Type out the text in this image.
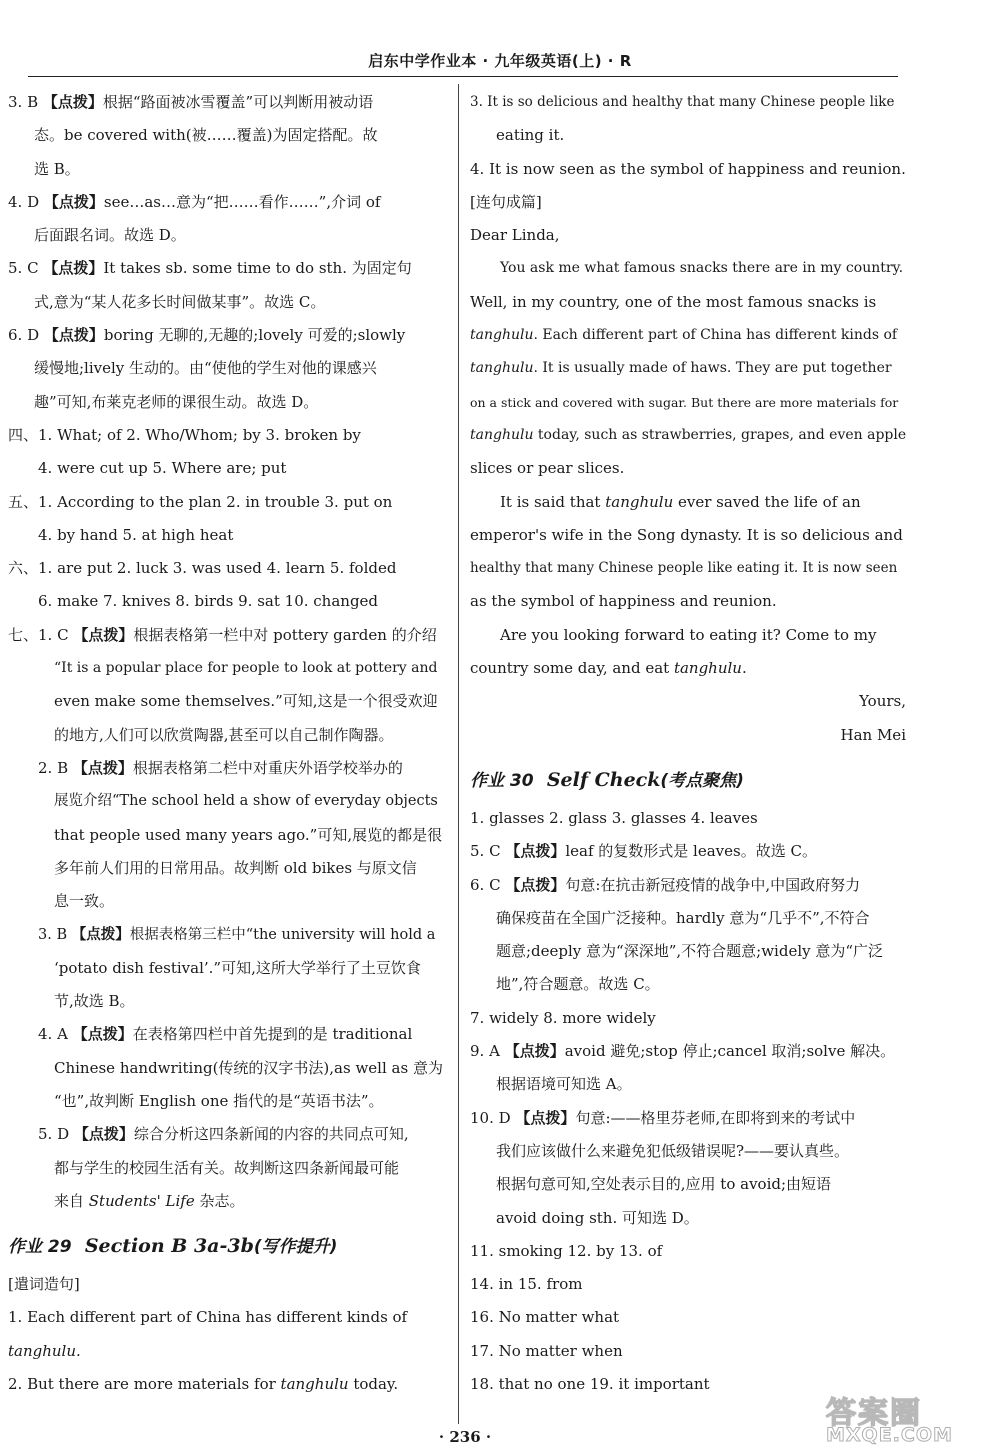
启东中学作业本 · 九年级英语(上) · R
3. B 【点拨】根据“路面被冰雪覆盖”可以判断用被动语
态。be covered with(被……覆盖)为固定搭配。故
选 B。
4. D 【点拨】see…as…意为“把……看作……”,介词 of
后面跟名词。故选 D。
5. C 【点拨】It takes sb. some time to do sth. 为固定句
式,意为“某人花多长时间做某事”。故选 C。
6. D 【点拨】boring 无聊的,无趣的;lovely 可爱的;slowly
缓慢地;lively 生动的。由“使他的学生对他的课感兴
趣”可知,布莱克老师的课很生动。故选 D。
四、1. What; of 2. Who/Whom; by 3. broken by
4. were cut up 5. Where are; put
五、1. According to the plan 2. in trouble 3. put on
4. by hand 5. at high heat
六、1. are put 2. luck 3. was used 4. learn 5. folded
6. make 7. knives 8. birds 9. sat 10. changed
七、1. C 【点拨】根据表格第一栏中对 pottery garden 的介绍
“It is a popular place for people to look at pottery and
even make some themselves.”可知,这是一个很受欢迎
的地方,人们可以欣赏陶器,甚至可以自己制作陶器。
2. B 【点拨】根据表格第二栏中对重庆外语学校举办的
展览介绍“The school held a show of everyday objects
that people used many years ago.”可知,展览的都是很
多年前人们用的日常用品。故判断 old bikes 与原文信
息一致。
3. B 【点拨】根据表格第三栏中“the university will hold a
‘potato dish festival’.”可知,这所大学举行了土豆饮食
节,故选 B。
4. A 【点拨】在表格第四栏中首先提到的是 traditional
Chinese handwriting(传统的汉字书法),as well as 意为
“也”,故判断 English one 指代的是“英语书法”。
5. D 【点拨】综合分析这四条新闻的内容的共同点可知,
都与学生的校园生活有关。故判断这四条新闻最可能
来自 Students' Life 杂志。
作业 29 Section B 3a-3b(写作提升)
[遣词造句]
1. Each different part of China has different kinds of
tanghulu.
2. But there are more materials for tanghulu today.
3. It is so delicious and healthy that many Chinese people like
eating it.
4. It is now seen as the symbol of happiness and reunion.
[连句成篇]
Dear Linda,
You ask me what famous snacks there are in my country.
Well, in my country, one of the most famous snacks is
tanghulu. Each different part of China has different kinds of
tanghulu. It is usually made of haws. They are put together
on a stick and covered with sugar. But there are more materials for
tanghulu today, such as strawberries, grapes, and even apple
slices or pear slices.
It is said that tanghulu ever saved the life of an
emperor's wife in the Song dynasty. It is so delicious and
healthy that many Chinese people like eating it. It is now seen
as the symbol of happiness and reunion.
Are you looking forward to eating it? Come to my
country some day, and eat tanghulu.
Yours,
Han Mei
作业 30 Self Check(考点聚焦)
1. glasses 2. glass 3. glasses 4. leaves
5. C 【点拨】leaf 的复数形式是 leaves。故选 C。
6. C 【点拨】句意:在抗击新冠疫情的战争中,中国政府努力
确保疫苗在全国广泛接种。hardly 意为“几乎不”,不符合
题意;deeply 意为“深深地”,不符合题意;widely 意为“广泛
地”,符合题意。故选 C。
7. widely 8. more widely
9. A 【点拨】avoid 避免;stop 停止;cancel 取消;solve 解决。
根据语境可知选 A。
10. D 【点拨】句意:——格里芬老师,在即将到来的考试中
我们应该做什么来避免犯低级错误呢?——要认真些。
根据句意可知,空处表示目的,应用 to avoid;由短语
avoid doing sth. 可知选 D。
11. smoking 12. by 13. of
14. in 15. from
16. No matter what
17. No matter when
18. that no one 19. it important
· 236 ·
答案圈
MXQE.COM
